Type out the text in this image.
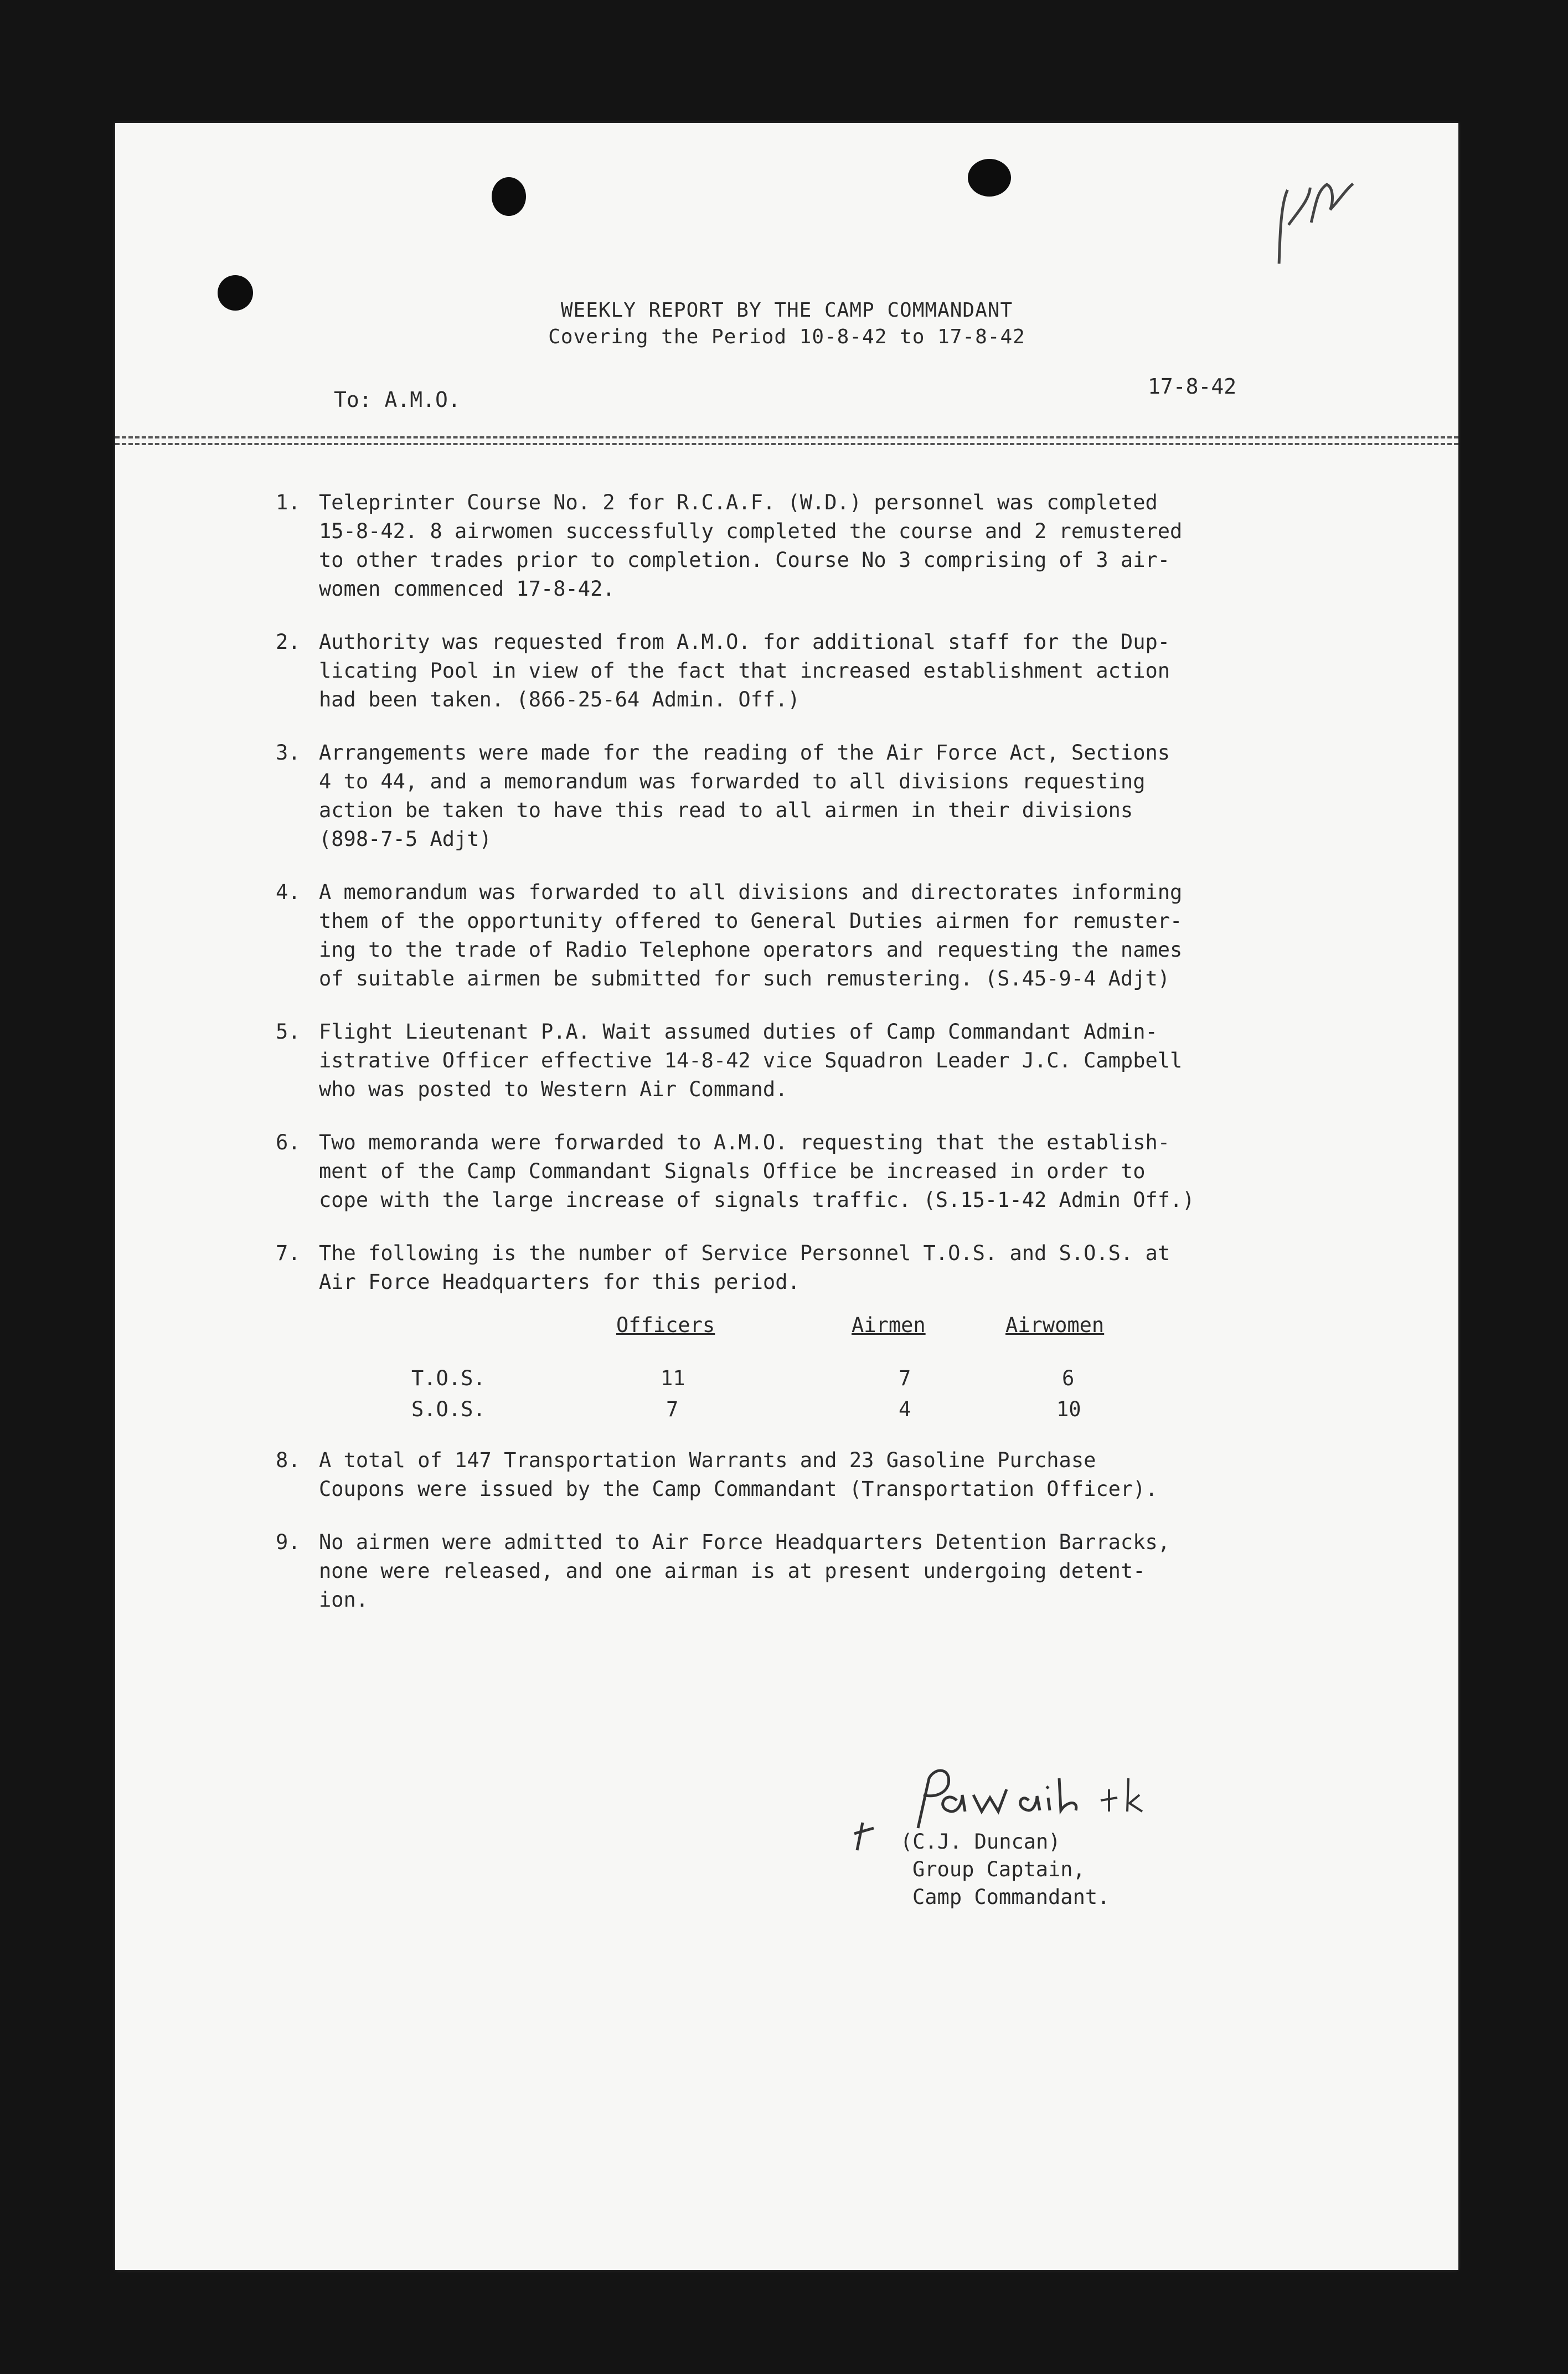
WEEKLY REPORT BY THE CAMP COMMANDANT
Covering the Period 10-8-42 to 17-8-42
To: A.M.O.
17-8-42
1. Teleprinter Course No. 2 for R.C.A.F. (W.D.) personnel was completed
15-8-42. 8 airwomen successfully completed the course and 2 remustered
to other trades prior to completion. Course No 3 comprising of 3 air-
women commenced 17-8-42.
2. Authority was requested from A.M.O. for additional staff for the Dup-
licating Pool in view of the fact that increased establishment action
had been taken. (866-25-64 Admin. Off.)
3. Arrangements were made for the reading of the Air Force Act, Sections
4 to 44, and a memorandum was forwarded to all divisions requesting
action be taken to have this read to all airmen in their divisions
(898-7-5 Adjt)
4. A memorandum was forwarded to all divisions and directorates informing
them of the opportunity offered to General Duties airmen for remuster-
ing to the trade of Radio Telephone operators and requesting the names
of suitable airmen be submitted for such remustering. (S.45-9-4 Adjt)
5. Flight Lieutenant P.A. Wait assumed duties of Camp Commandant Admin-
istrative Officer effective 14-8-42 vice Squadron Leader J.C. Campbell
who was posted to Western Air Command.
6. Two memoranda were forwarded to A.M.O. requesting that the establish-
ment of the Camp Commandant Signals Office be increased in order to
cope with the large increase of signals traffic. (S.15-1-42 Admin Off.)
7. The following is the number of Service Personnel T.O.S. and S.O.S. at
Air Force Headquarters for this period.
Officers	Airmen	Airwomen
T.O.S.	11	7	6
S.O.S.	7	4	10
8. A total of 147 Transportation Warrants and 23 Gasoline Purchase
Coupons were issued by the Camp Commandant (Transportation Officer).
9. No airmen were admitted to Air Force Headquarters Detention Barracks,
none were released, and one airman is at present undergoing detent-
ion.
(C.J. Duncan)
Group Captain,
Camp Commandant.
